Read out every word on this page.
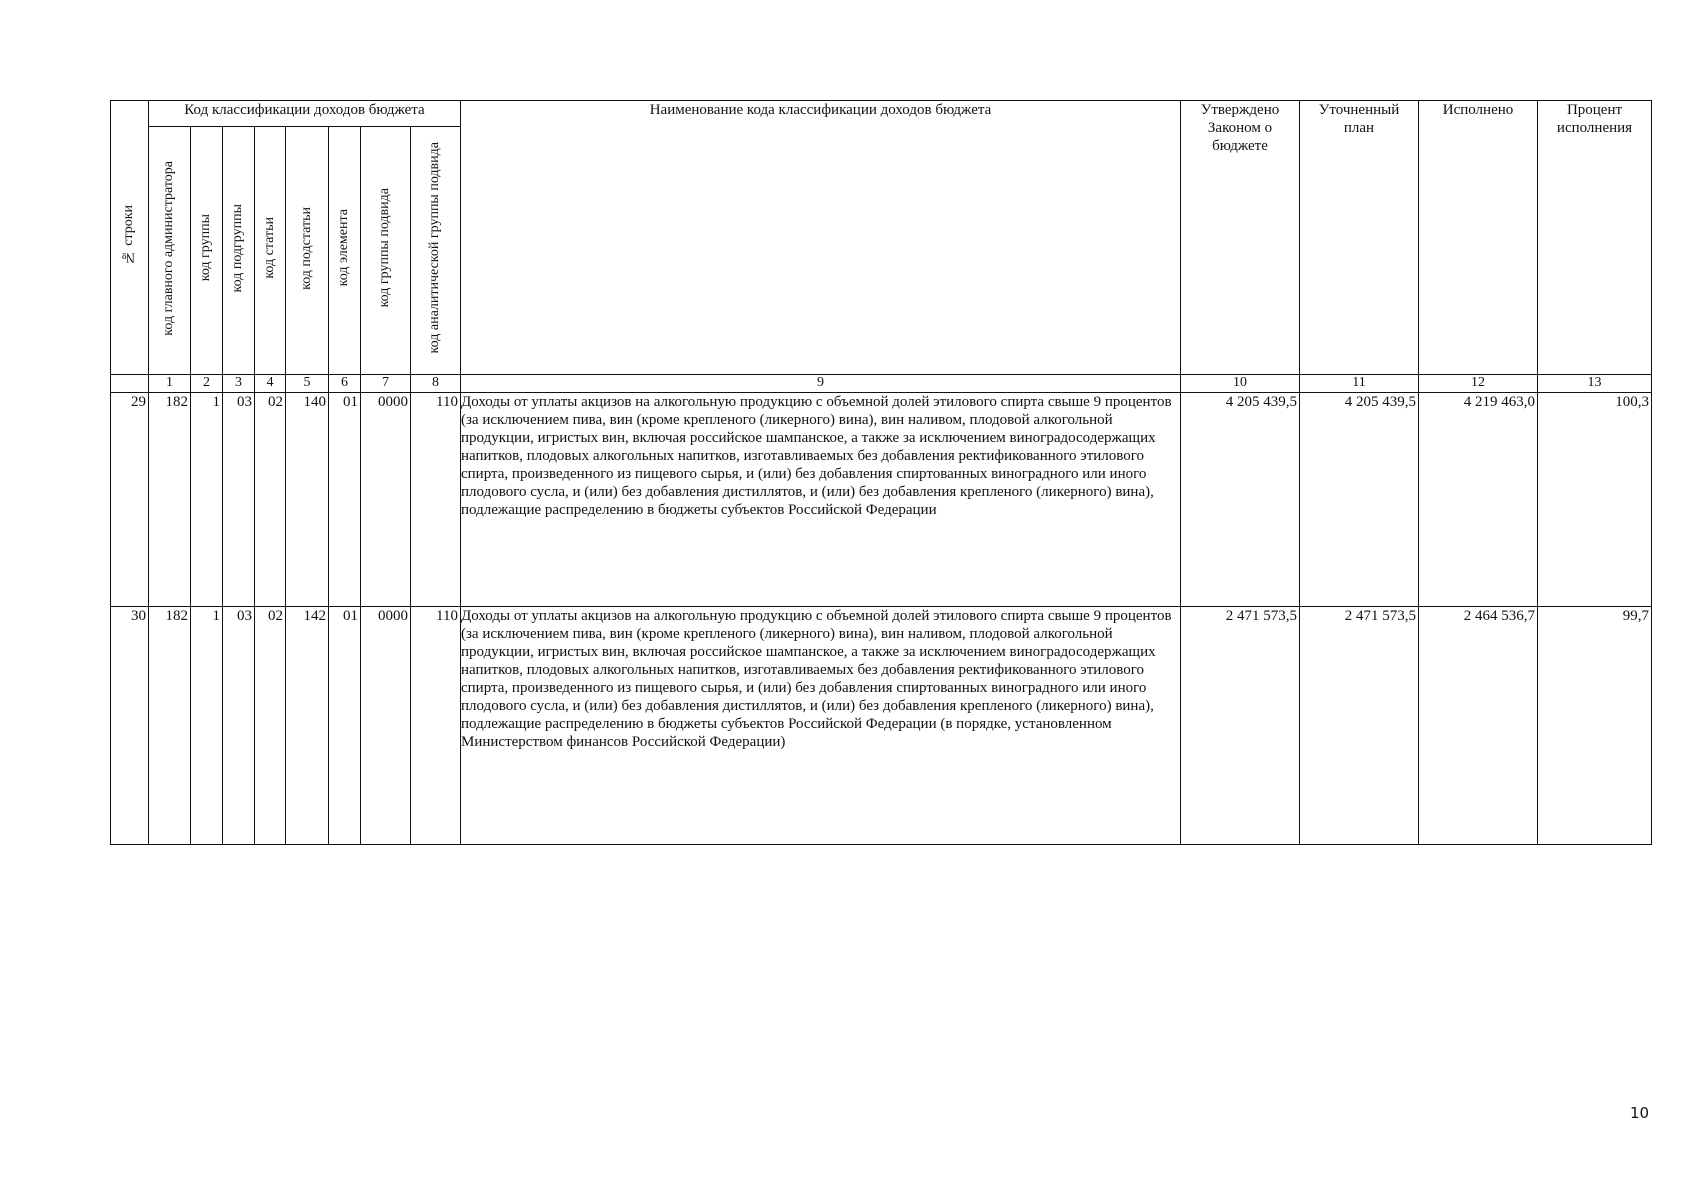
№ строки	Код классификации доходов бюджета								Наименование кода классификации доходов бюджета	Утверждено Законом о бюджете	Уточненный план	Исполнено	Процент исполнения

	код главного администратора	код группы	код подгруппы	код статьи	код подстатьи	код элемента	код группы подвида	код аналитической группы подвида					
	1	2	3	4	5	6	7	8	9	10	11	12	13
29	182	1	03	02	140	01	0000	110	Доходы от уплаты акцизов на алкогольную продукцию с объемной долей этилового спирта свыше 9 процентов (за исключением пива, вин (кроме крепленого (ликерного) вина), вин наливом, плодовой алкогольной продукции, игристых вин, включая российское шампанское, а также за исключением виноградосодержащих напитков, плодовых алкогольных напитков, изготавливаемых без добавления ректификованного этилового спирта, произведенного из пищевого сырья, и (или) без добавления спиртованных виноградного или иного плодового сусла, и (или) без добавления дистиллятов, и (или) без добавления крепленого (ликерного) вина), подлежащие распределению в бюджеты субъектов Российской Федерации	4 205 439,5	4 205 439,5	4 219 463,0	100,3
30	182	1	03	02	142	01	0000	110	Доходы от уплаты акцизов на алкогольную продукцию с объемной долей этилового спирта свыше 9 процентов (за исключением пива, вин (кроме крепленого (ликерного) вина), вин наливом, плодовой алкогольной продукции, игристых вин, включая российское шампанское, а также за исключением виноградосодержащих напитков, плодовых алкогольных напитков, изготавливаемых без добавления ректификованного этилового спирта, произведенного из пищевого сырья, и (или) без добавления спиртованных виноградного или иного плодового сусла, и (или) без добавления дистиллятов, и (или) без добавления крепленого (ликерного) вина), подлежащие распределению в бюджеты субъектов Российской Федерации (в порядке, установленном Министерством финансов Российской Федерации)	2 471 573,5	2 471 573,5	2 464 536,7	99,7
10
